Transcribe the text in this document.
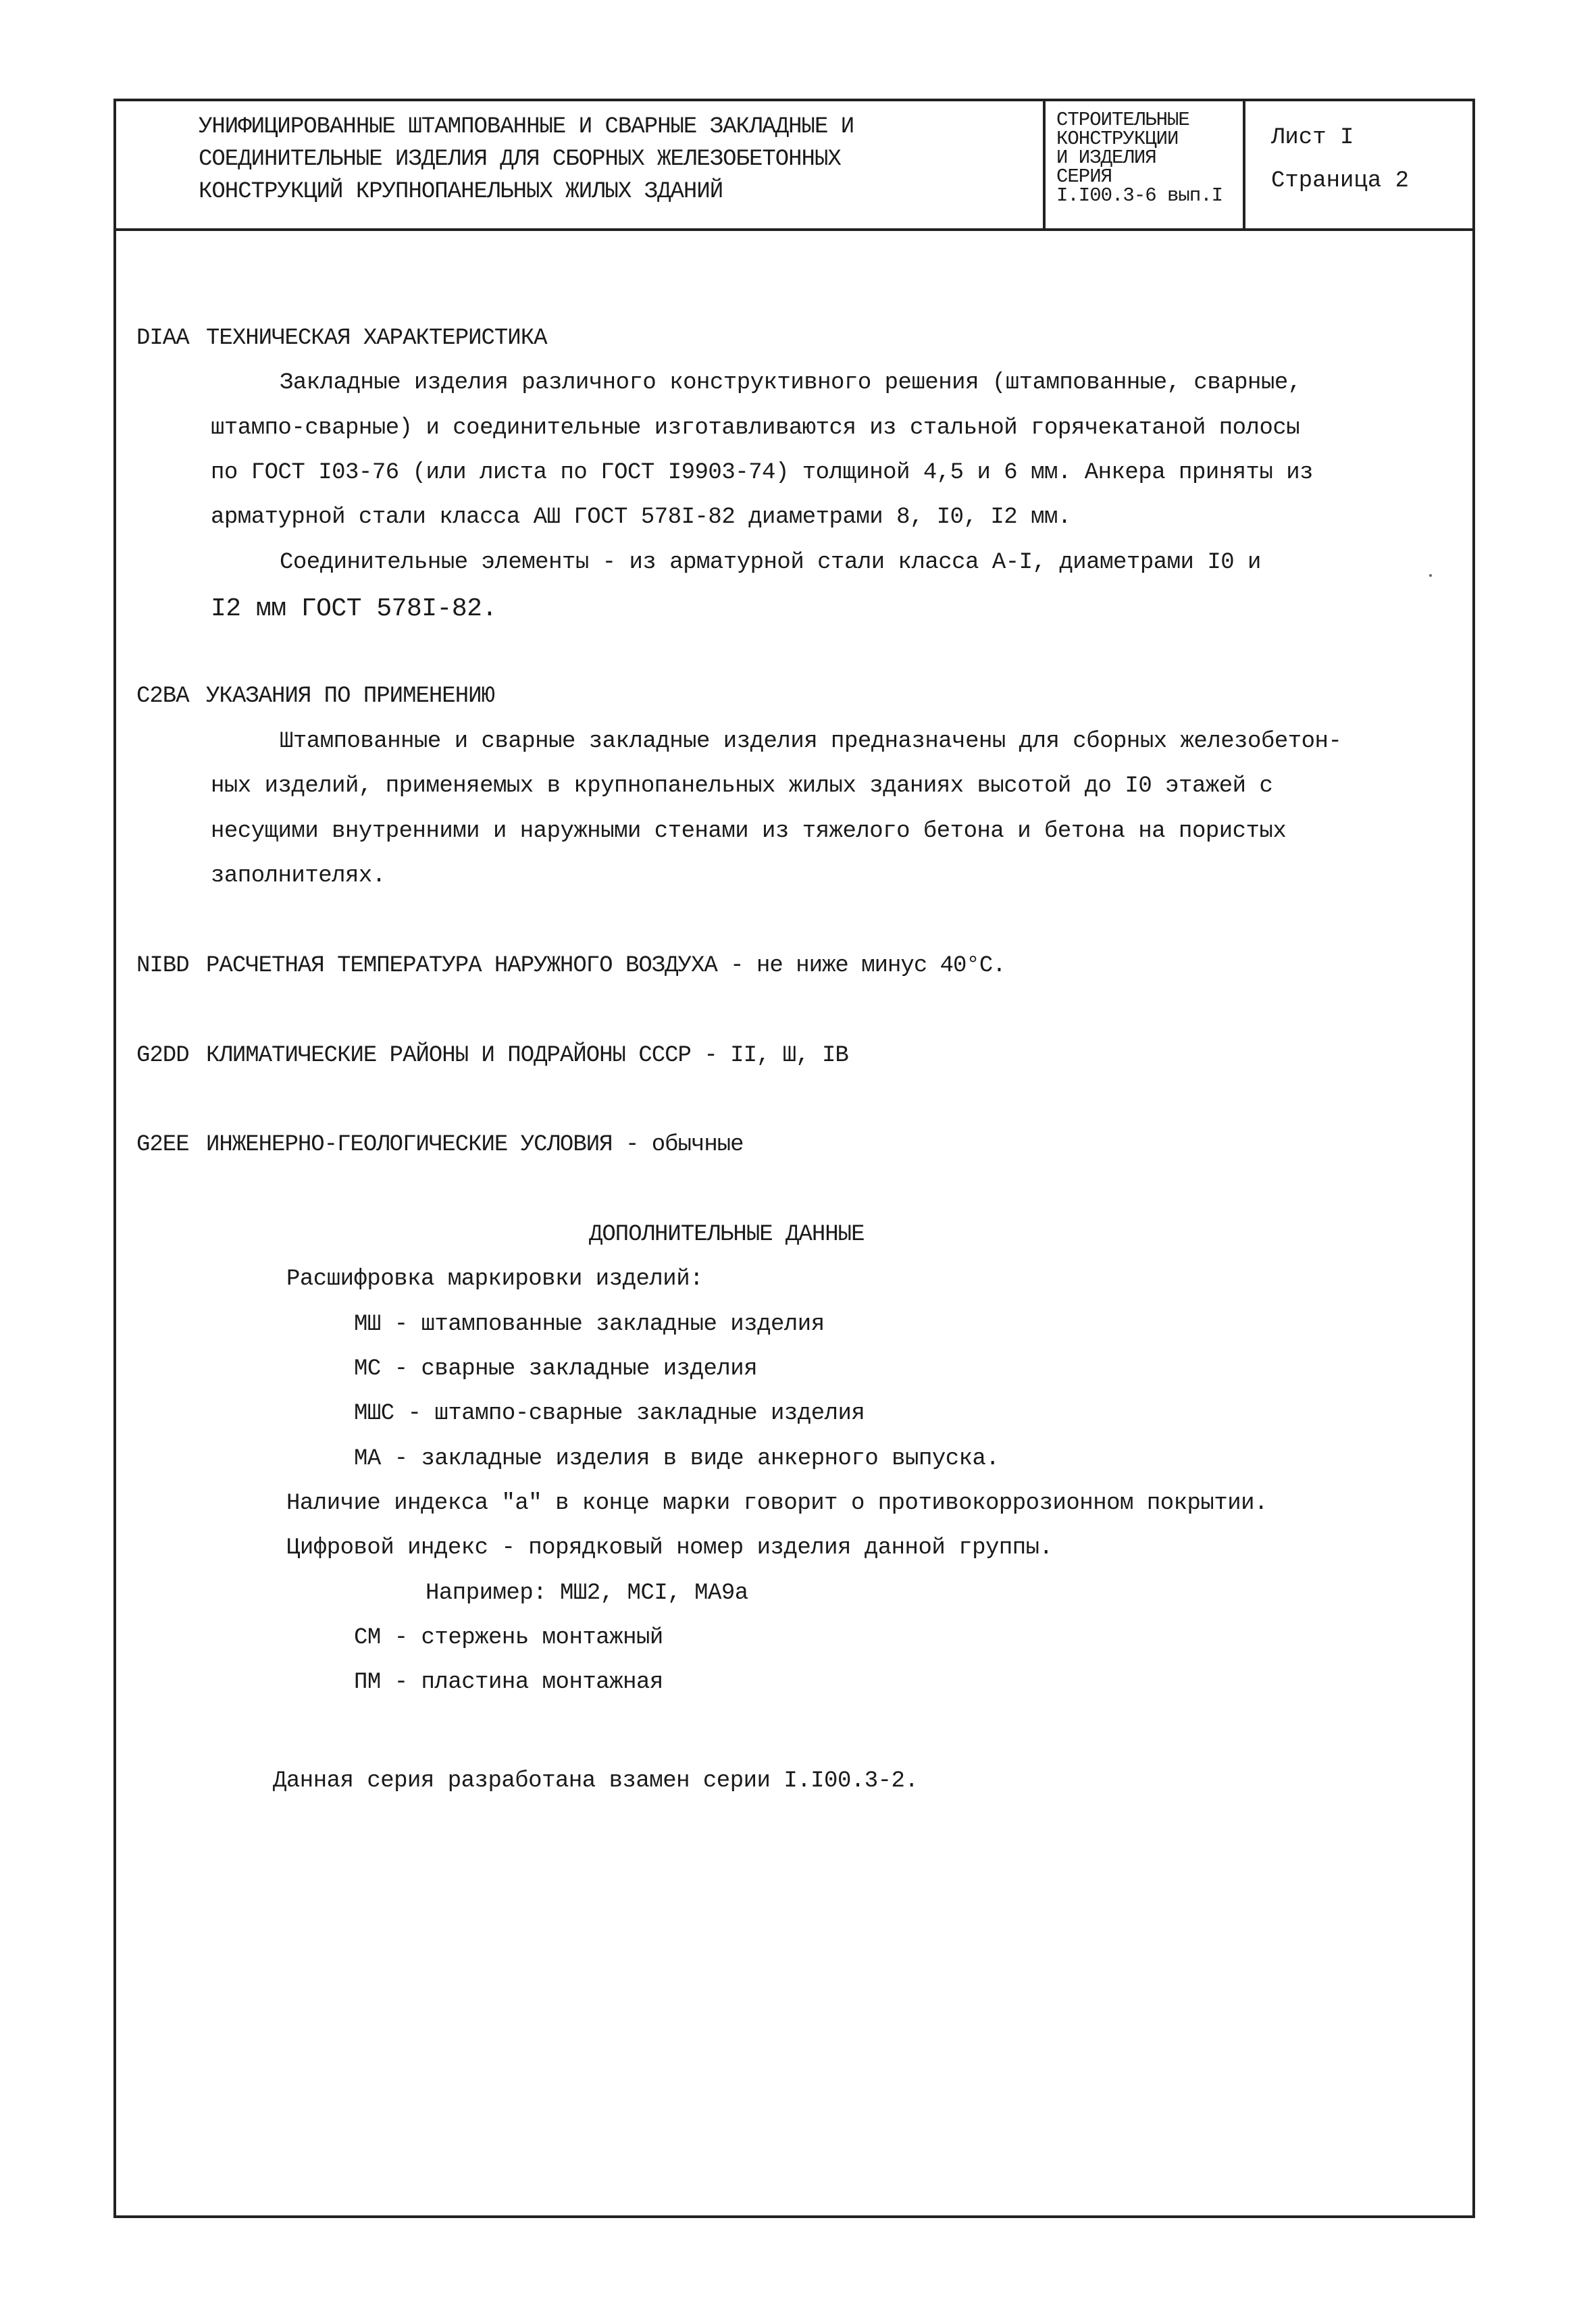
УНИФИЦИРОВАННЫЕ ШТАМПОВАННЫЕ И СВАРНЫЕ ЗАКЛАДНЫЕ И
СОЕДИНИТЕЛЬНЫЕ ИЗДЕЛИЯ ДЛЯ СБОРНЫХ ЖЕЛЕЗОБЕТОННЫХ
КОНСТРУКЦИЙ КРУПНОПАНЕЛЬНЫХ ЖИЛЫХ ЗДАНИЙ
СТРОИТЕЛЬНЫЕ
КОНСТРУКЦИИ
И ИЗДЕЛИЯ
СЕРИЯ
I.I00.3-6 вып.I
Лист I
Страница 2
DIAA ТЕХНИЧЕСКАЯ ХАРАКТЕРИСТИКА
Закладные изделия различного конструктивного решения (штампованные, сварные,
штампо-сварные) и соединительные изготавливаются из стальной горячекатаной полосы
по ГОСТ I03-76 (или листа по ГОСТ I9903-74) толщиной 4,5 и 6 мм. Анкера приняты из
арматурной стали класса АШ ГОСТ 578I-82 диаметрами 8, I0, I2 мм.
Соединительные элементы - из арматурной стали класса А-I, диаметрами I0 и
I2 мм ГОСТ 578I-82.
C2BA УКАЗАНИЯ ПО ПРИМЕНЕНИЮ
Штампованные и сварные закладные изделия предназначены для сборных железобетон-
ных изделий, применяемых в крупнопанельных жилых зданиях высотой до I0 этажей с
несущими внутренними и наружными стенами из тяжелого бетона и бетона на пористых
заполнителях.
NIBD РАСЧЕТНАЯ ТЕМПЕРАТУРА НАРУЖНОГО ВОЗДУХА - не ниже минус 40°С.
G2DD КЛИМАТИЧЕСКИЕ РАЙОНЫ И ПОДРАЙОНЫ СССР - II, Ш, IВ
G2EE ИНЖЕНЕРНО-ГЕОЛОГИЧЕСКИЕ УСЛОВИЯ - обычные
ДОПОЛНИТЕЛЬНЫЕ ДАННЫЕ
Расшифровка маркировки изделий:
МШ - штампованные закладные изделия
МС - сварные закладные изделия
МШС - штампо-сварные закладные изделия
МА - закладные изделия в виде анкерного выпуска.
Наличие индекса "а" в конце марки говорит о противокоррозионном покрытии.
Цифровой индекс - порядковый номер изделия данной группы.
Например: МШ2, МСI, МА9а
СМ - стержень монтажный
ПМ - пластина монтажная
Данная серия разработана взамен серии I.I00.3-2.
